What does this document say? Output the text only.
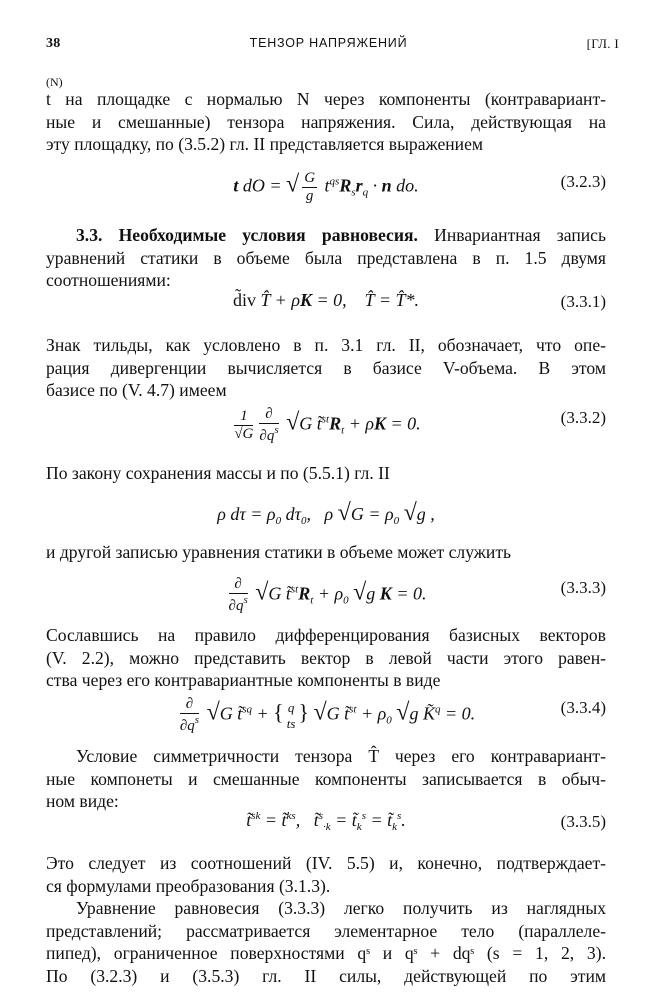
38	ТЕНЗОР НАПРЯЖЕНИЙ	[ГЛ. I
(N)
t на площадке с нормалью N через компоненты (контравариант-
ные и смешанные) тензора напряжения. Сила, действующая на
эту площадку, по (3.5.2) гл. II представляется выражением
t dO = √ $\frac{G}{g} t^{qs}R_sr_q \cdot n$ do.	(3.2.3)
3.3. Необходимые условия равновесия. Инвариантная запись
уравнений статики в объеме была представлена в п. 1.5 двумя
соотношениями:
d̃iv T̂ + ρK = 0,    T̂ = T̂*.	(3.3.1)
Знак тильды, как условлено в п. 3.1 гл. II, обозначает, что опе-
рация дивергенции вычисляется в базисе V-объема. В этом
базисе по (V. 4.7) имеем
$\frac{1}{√G}$ ∂
$\partial q^s$ √G $t̃^{st}R_t + \rho K = 0$.	(3.3.2)
По закону сохранения массы и по (5.5.1) гл. II
ρ $d\tau = \rho_0$ $d\tau_0$,   ρ $√G = \rho_0$ √g ,
и другой записью уравнения статики в объеме может служить
∂
$\partial q^s$ √G $t̃^{st}R_t + \rho_0$ √g K = 0.	(3.3.3)
Сославшись на правило дифференцирования базисных векторов
(V. 2.2), можно представить вектор в левой части этого равен-
ства через его контравариантные компоненты в виде
∂
$\partial q^s$ √G t̃$^{sq}$ + { q
ts } √G t̃$^{st}$ + $\rho_0$ √g K̃$^q$ = 0.	(3.3.4)
Условие симметричности тензора T̂ через его контравариант-
ные компонеты и смешанные компоненты записывается в обыч-
ном виде:
t̃$^{sk}$ = t̃$^{ks}$,   t̃$^s_{\cdot k}$ = $t̃_k^s$ = $t̃_k^s$.	(3.3.5)
Это следует из соотношений (IV. 5.5) и, конечно, подтверждает-
ся формулами преобразования (3.1.3).
Уравнение равновесия (3.3.3) легко получить из наглядных
представлений; рассматривается элементарное тело (параллеле-
пипед), ограниченное поверхностями qˢ и qˢ + dqˢ (s = 1, 2, 3).
По (3.2.3) и (3.5.3) гл. II силы, действующей по этим
